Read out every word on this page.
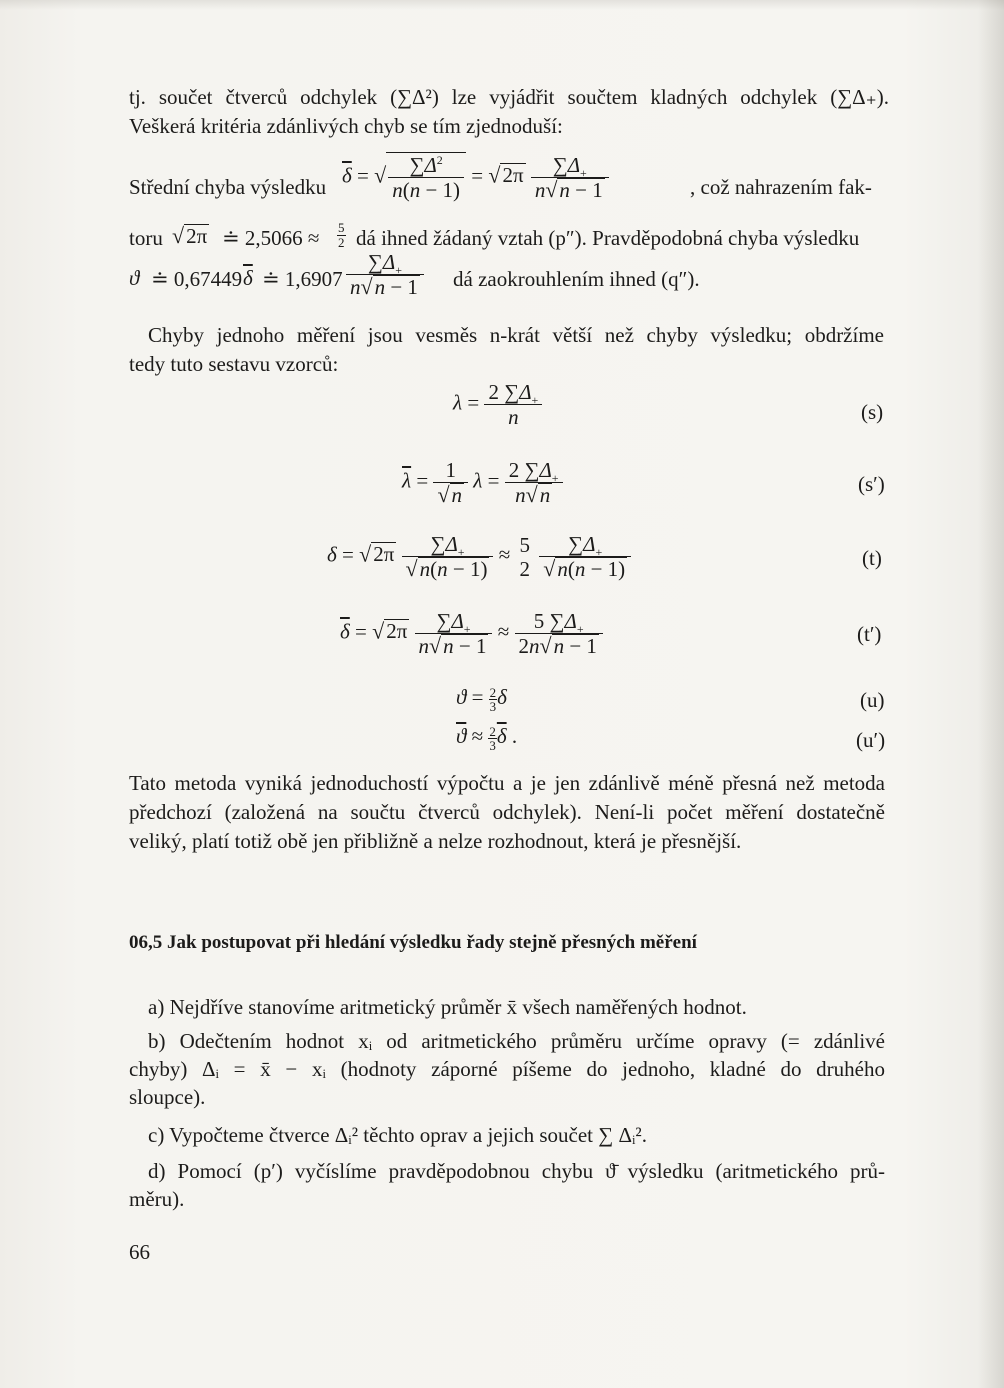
tj. součet čtverců odchylek (∑Δ²) lze vyjádřit součtem kladných odchylek (∑Δ₊).
Veškerá kritéria zdánlivých chyb se tím zjednoduší:
Střední chyba výsledku $\overline{\delta}$ = √ $\frac{\sum\Delta^2}{n(n - 1)} = √2\pi \frac{\sum\Delta_+}{n√n - 1}$	, což nahrazením fak-
toru √2π ≐ $2,5066 \approx \frac{5}{2}$ dá ihned žádaný vztah (p″). Pravděpodobná chyba výsledku
ϑ ≐ 0,67449 $\overline{\delta}$ ≐ $1,6907 \frac{\sum\Delta_+}{n√n - 1}$ dá zaokrouhlením ihned (q″).
Chyby jednoho měření jsou vesměs n-krát větší než chyby výsledku; obdržíme
tedy tuto sestavu vzorců:
$\lambda = \frac{2 \sum\Delta_+}{n}$	(s)
$\overline{\lambda} = \frac{1}{√n}$ $\lambda = \frac{2 \sum\Delta_+}{n√n}$	(s′)
$\delta = √2\pi \frac{\sum\Delta_+}{√n(n - 1)} \approx 5$
2
$\frac{\sum\Delta_+}{√n(n - 1)}$	(t)
$\overline{\delta} = √2\pi \frac{\sum\Delta_+}{n√n - 1} \approx \frac{5 \sum\Delta_+}{2n√n - 1}$	(t′)
$ϑ = \frac{2}{3}$ δ	(u)
$\overline{ϑ} \approx \frac{2}{3} \overline{\delta}$ .	(u′)
Tato metoda vyniká jednoduchostí výpočtu a je jen zdánlivě méně přesná než metoda
předchozí (založená na součtu čtverců odchylek). Není-li počet měření dostatečně
veliký, platí totiž obě jen přibližně a nelze rozhodnout, která je přesnější.
06,5 Jak postupovat při hledání výsledku řady stejně přesných měření
a) Nejdříve stanovíme aritmetický průměr x̄ všech naměřených hodnot.
b) Odečtením hodnot xᵢ od aritmetického průměru určíme opravy (= zdánlivé
chyby) Δᵢ = x̄ − xᵢ (hodnoty záporné píšeme do jednoho, kladné do druhého
sloupce).
c) Vypočteme čtverce Δᵢ² těchto oprav a jejich součet ∑ Δᵢ².
d) Pomocí (p′) vyčíslíme pravděpodobnou chybu ϑ̄ výsledku (aritmetického prů-
měru).
66
